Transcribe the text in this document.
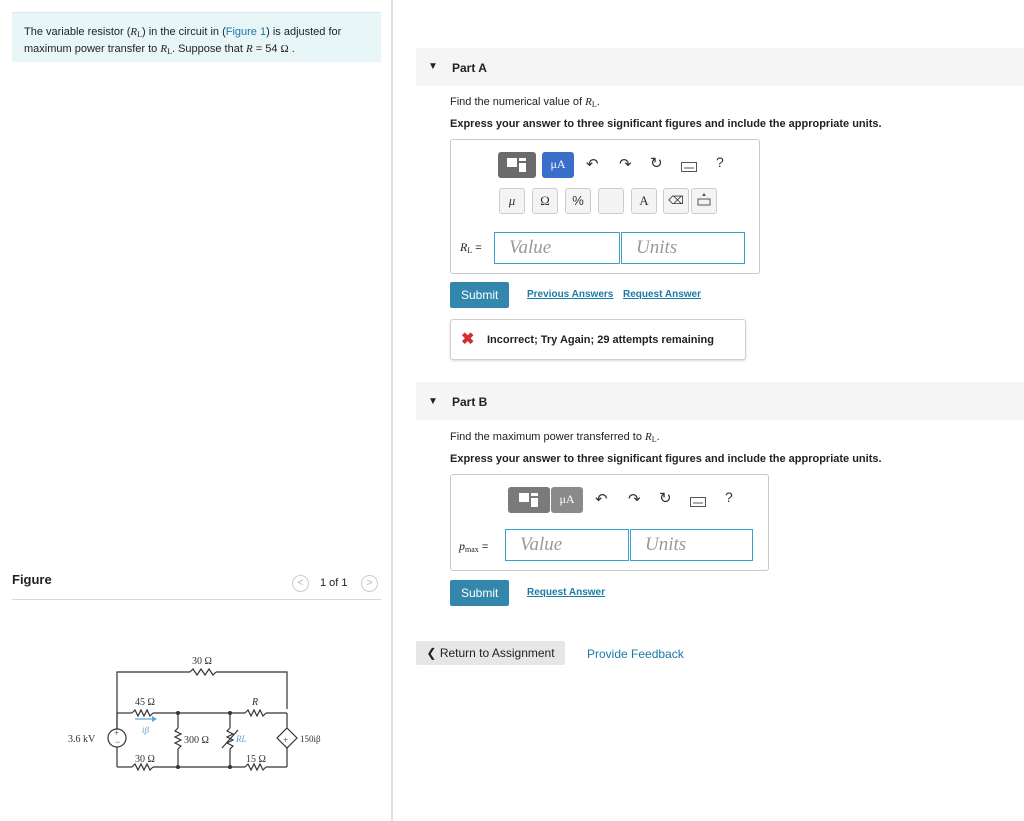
The variable resistor $(R_L)$ in the circuit in (Figure 1) is adjusted for
maximum power transfer to $R_L$. Suppose that R = 54 Ω .
Figure	<	1 of 1	>
30 Ω
45 Ω	R
iβ
3.6 kV
+
−	300 Ω	RL	+ 150iβ
30 Ω	15 Ω
▼ Part A
Find the numerical value of $R_L$.
Express your answer to three significant figures and include the appropriate units.
μA	↶ ↷ ↻	?
μ	Ω	%	A	⌫
$R_L$ =	Value	Units
Submit	Previous Answers Request Answer
✖ Incorrect; Try Again; 29 attempts remaining
▼ Part B
Find the maximum power transferred to $R_L$.
Express your answer to three significant figures and include the appropriate units.
μA	↶ ↷ ↻	?
$p_{max}$ =	Value	Units
Submit	Request Answer
❮ Return to Assignment	Provide Feedback
